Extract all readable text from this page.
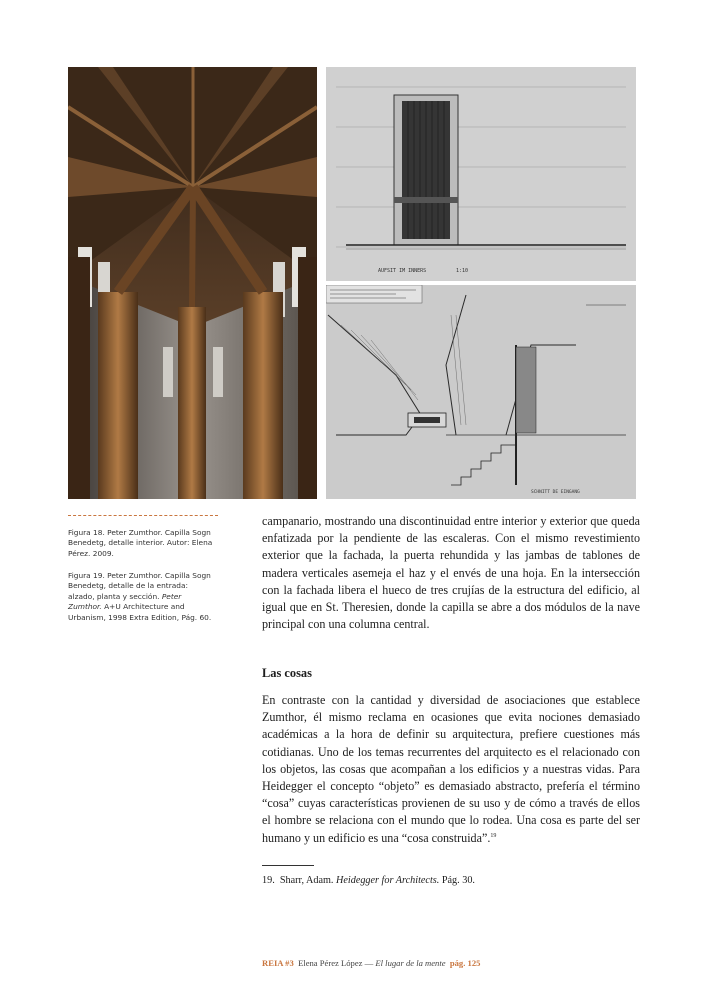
AUFSIT IM INNERS	1:10
SCHNITT DE EINGANG
Figura 18. Peter Zumthor. Capilla Sogn Benedetg, detalle interior. Autor: Elena Pérez. 2009.
Figura 19. Peter Zumthor. Capilla Sogn Benedetg, detalle de la entrada: alzado, planta y sección. Peter Zumthor. A+U Architecture and Urbanism, 1998 Extra Edition, Pág. 60.
campanario, mostrando una discontinuidad entre interior y exterior que queda enfatizada por la pendiente de las escaleras. Con el mismo revestimiento exterior que la fachada, la puerta rehundida y las jambas de tablones de madera verticales asemeja el haz y el envés de una hoja. En la intersección con la fachada libera el hueco de tres crujías de la estructura del edificio, al igual que en St. Theresien, donde la capilla se abre a dos módulos de la nave principal con una columna central.
Las cosas
En contraste con la cantidad y diversidad de asociaciones que establece Zumthor, él mismo reclama en ocasiones que evita nociones demasiado académicas a la hora de definir su arquitectura, prefiere cuestiones más cotidianas. Uno de los temas recurrentes del arquitecto es el relacionado con los objetos, las cosas que acompañan a los edificios y a nuestras vidas. Para Heidegger el concepto “objeto” es demasiado abstracto, prefería el término “cosa” cuyas características provienen de su uso y de cómo a través de ellos el hombre se relaciona con el mundo que lo rodea. Una cosa es parte del ser humano y un edificio es una “cosa construida”.$^{19}$
19. Sharr, Adam. Heidegger for Architects. Pág. 30.
REIA #3 Elena Pérez López — El lugar de la mente pág. 125
